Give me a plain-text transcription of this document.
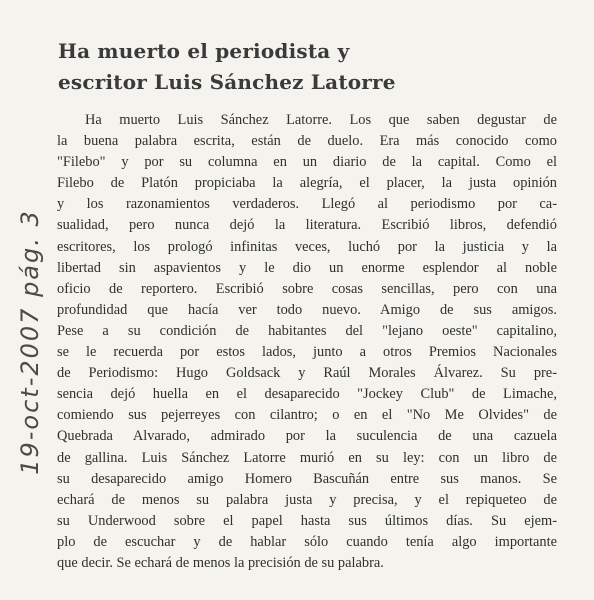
Ha muerto el periodista y
escritor Luis Sánchez Latorre
19-oct-2007 pág. 3
Ha muerto Luis Sánchez Latorre. Los que saben degustar de
la buena palabra escrita, están de duelo. Era más conocido como
"Filebo" y por su columna en un diario de la capital. Como el
Filebo de Platón propiciaba la alegría, el placer, la justa opinión
y los razonamientos verdaderos. Llegó al periodismo por ca-
sualidad, pero nunca dejó la literatura. Escribió libros, defendió
escritores, los prologó infinitas veces, luchó por la justicia y la
libertad sin aspavientos y le dio un enorme esplendor al noble
oficio de reportero. Escribió sobre cosas sencillas, pero con una
profundidad que hacía ver todo nuevo. Amigo de sus amigos.
Pese a su condición de habitantes del "lejano oeste" capitalino,
se le recuerda por estos lados, junto a otros Premios Nacionales
de Periodismo: Hugo Goldsack y Raúl Morales Álvarez. Su pre-
sencia dejó huella en el desaparecido "Jockey Club" de Limache,
comiendo sus pejerreyes con cilantro; o en el "No Me Olvides" de
Quebrada Alvarado, admirado por la suculencia de una cazuela
de gallina. Luis Sánchez Latorre murió en su ley: con un libro de
su desaparecido amigo Homero Bascuñán entre sus manos. Se
echará de menos su palabra justa y precisa, y el repiqueteo de
su Underwood sobre el papel hasta sus últimos días. Su ejem-
plo de escuchar y de hablar sólo cuando tenía algo importante
que decir. Se echará de menos la precisión de su palabra.
